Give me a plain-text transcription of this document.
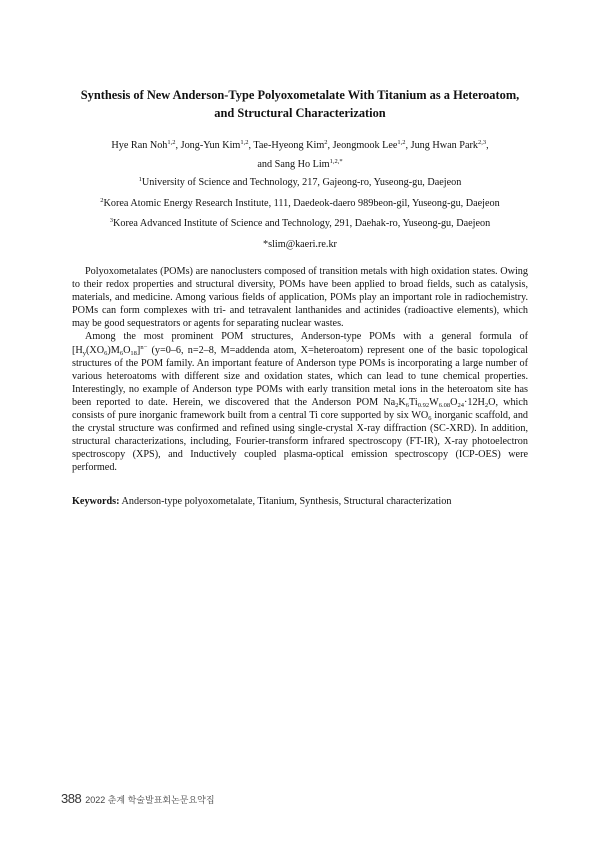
Synthesis of New Anderson-Type Polyoxometalate With Titanium as a Heteroatom,
and Structural Characterization
Hye Ran Noh$^{1,2}$, Jong-Yun Kim$^{1,2}$, Tae-Hyeong Kim$^2$, Jeongmook Lee$^{1,2}$, Jung Hwan Park$^{2,3}$,
and Sang Ho Lim$^{1,2,*}$
$^1$University of Science and Technology, 217, Gajeong-ro, Yuseong-gu, Daejeon
$^2$Korea Atomic Energy Research Institute, 111, Daedeok-daero 989beon-gil, Yuseong-gu, Daejeon
$^3$Korea Advanced Institute of Science and Technology, 291, Daehak-ro, Yuseong-gu, Daejeon
*slim@kaeri.re.kr

Polyoxometalates (POMs) are nanoclusters composed of transition metals with high oxidation states. Owing to their redox properties and structural diversity, POMs have been applied to broad fields, such as catalysis, materials, and medicine. Among various fields of application, POMs play an important role in radiochemistry. POMs can form complexes with tri- and tetravalent lanthanides and actinides (radioactive elements), which may be good sequestrators or agents for separating nuclear wastes.

Among the most prominent POM structures, Anderson-type POMs with a general formula of $[H_y(XO_6)M_6O_{18}]^{n-}$ (y=0–6, n=2–8, M=addenda atom, X=heteroatom) represent one of the basic topological structures of the POM family. An important feature of Anderson type POMs is incorporating a large number of various heteroatoms with different size and oxidation states, which can lead to tune chemical properties. Interestingly, no example of Anderson type POMs with early transition metal ions in the heteroatom site has been reported to date. Herein, we discovered that the Anderson POM $Na_2K_6Ti_{0.92}W_{6.08}O_{24}\cdot 12H_2O$, which consists of pure inorganic framework built from a central Ti core supported by six $WO_6$ inorganic scaffold, and the crystal structure was confirmed and refined using single-crystal X-ray diffraction (SC-XRD). In addition, structural characterizations, including, Fourier-transform infrared spectroscopy (FT-IR), X-ray photoelectron spectroscopy (XPS), and Inductively coupled plasma-optical emission spectroscopy (ICP-OES) were performed.

Keywords: Anderson-type polyoxometalate, Titanium, Synthesis, Structural characterization
388 2022 춘계 학술발표회논문요약집
